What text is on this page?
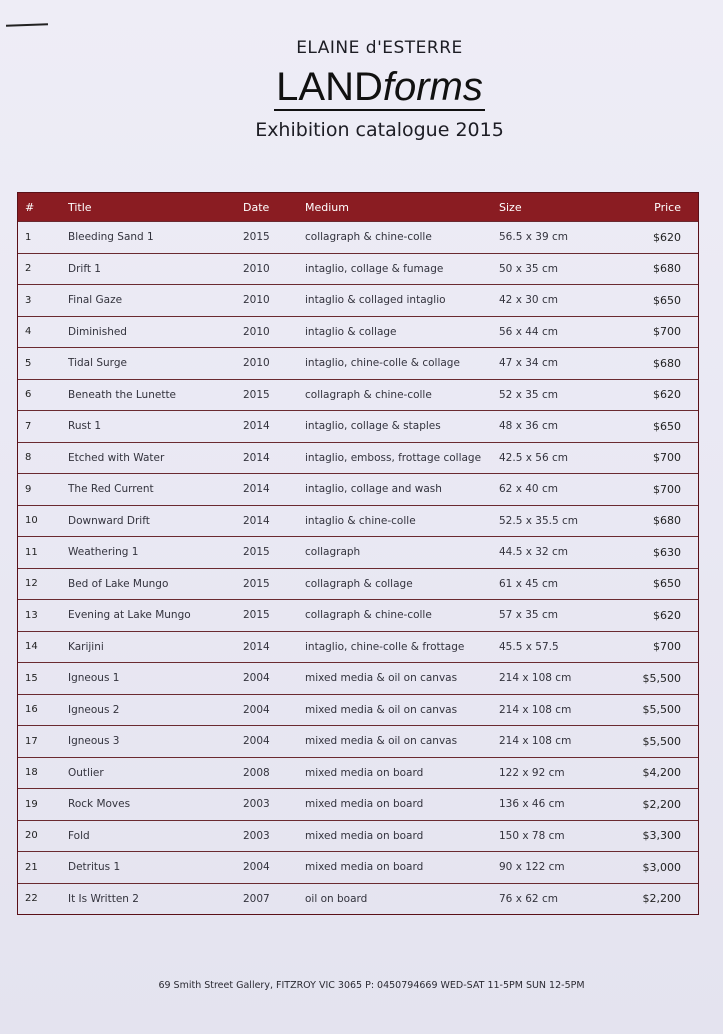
ELAINE d'ESTERRE
LANDforms
Exhibition catalogue 2015
#	Title	Date	Medium	Size	Price
1	Bleeding Sand 1	2015	collagraph & chine-colle	56.5 x 39 cm	$620
2	Drift 1	2010	intaglio, collage & fumage	50 x 35 cm	$680
3	Final Gaze	2010	intaglio & collaged intaglio	42 x 30 cm	$650
4	Diminished	2010	intaglio & collage	56 x 44 cm	$700
5	Tidal Surge	2010	intaglio, chine-colle & collage	47 x 34 cm	$680
6	Beneath the Lunette	2015	collagraph & chine-colle	52 x 35 cm	$620
7	Rust 1	2014	intaglio, collage & staples	48 x 36 cm	$650
8	Etched with Water	2014	intaglio, emboss, frottage collage	42.5 x 56 cm	$700
9	The Red Current	2014	intaglio, collage and wash	62 x 40 cm	$700
10	Downward Drift	2014	intaglio & chine-colle	52.5 x 35.5 cm	$680
11	Weathering 1	2015	collagraph	44.5 x 32 cm	$630
12	Bed of Lake Mungo	2015	collagraph & collage	61 x 45 cm	$650
13	Evening at Lake Mungo	2015	collagraph & chine-colle	57 x 35 cm	$620
14	Karijini	2014	intaglio, chine-colle & frottage	45.5 x 57.5	$700
15	Igneous 1	2004	mixed media & oil on canvas	214 x 108 cm	$5,500
16	Igneous 2	2004	mixed media & oil on canvas	214 x 108 cm	$5,500
17	Igneous 3	2004	mixed media & oil on canvas	214 x 108 cm	$5,500
18	Outlier	2008	mixed media on board	122 x 92 cm	$4,200
19	Rock Moves	2003	mixed media on board	136 x 46 cm	$2,200
20	Fold	2003	mixed media on board	150 x 78 cm	$3,300
21	Detritus 1	2004	mixed media on board	90 x 122 cm	$3,000
22	It Is Written 2	2007	oil on board	76 x 62 cm	$2,200
69 Smith Street Gallery, FITZROY VIC 3065 P: 0450794669 WED-SAT 11-5PM SUN 12-5PM
